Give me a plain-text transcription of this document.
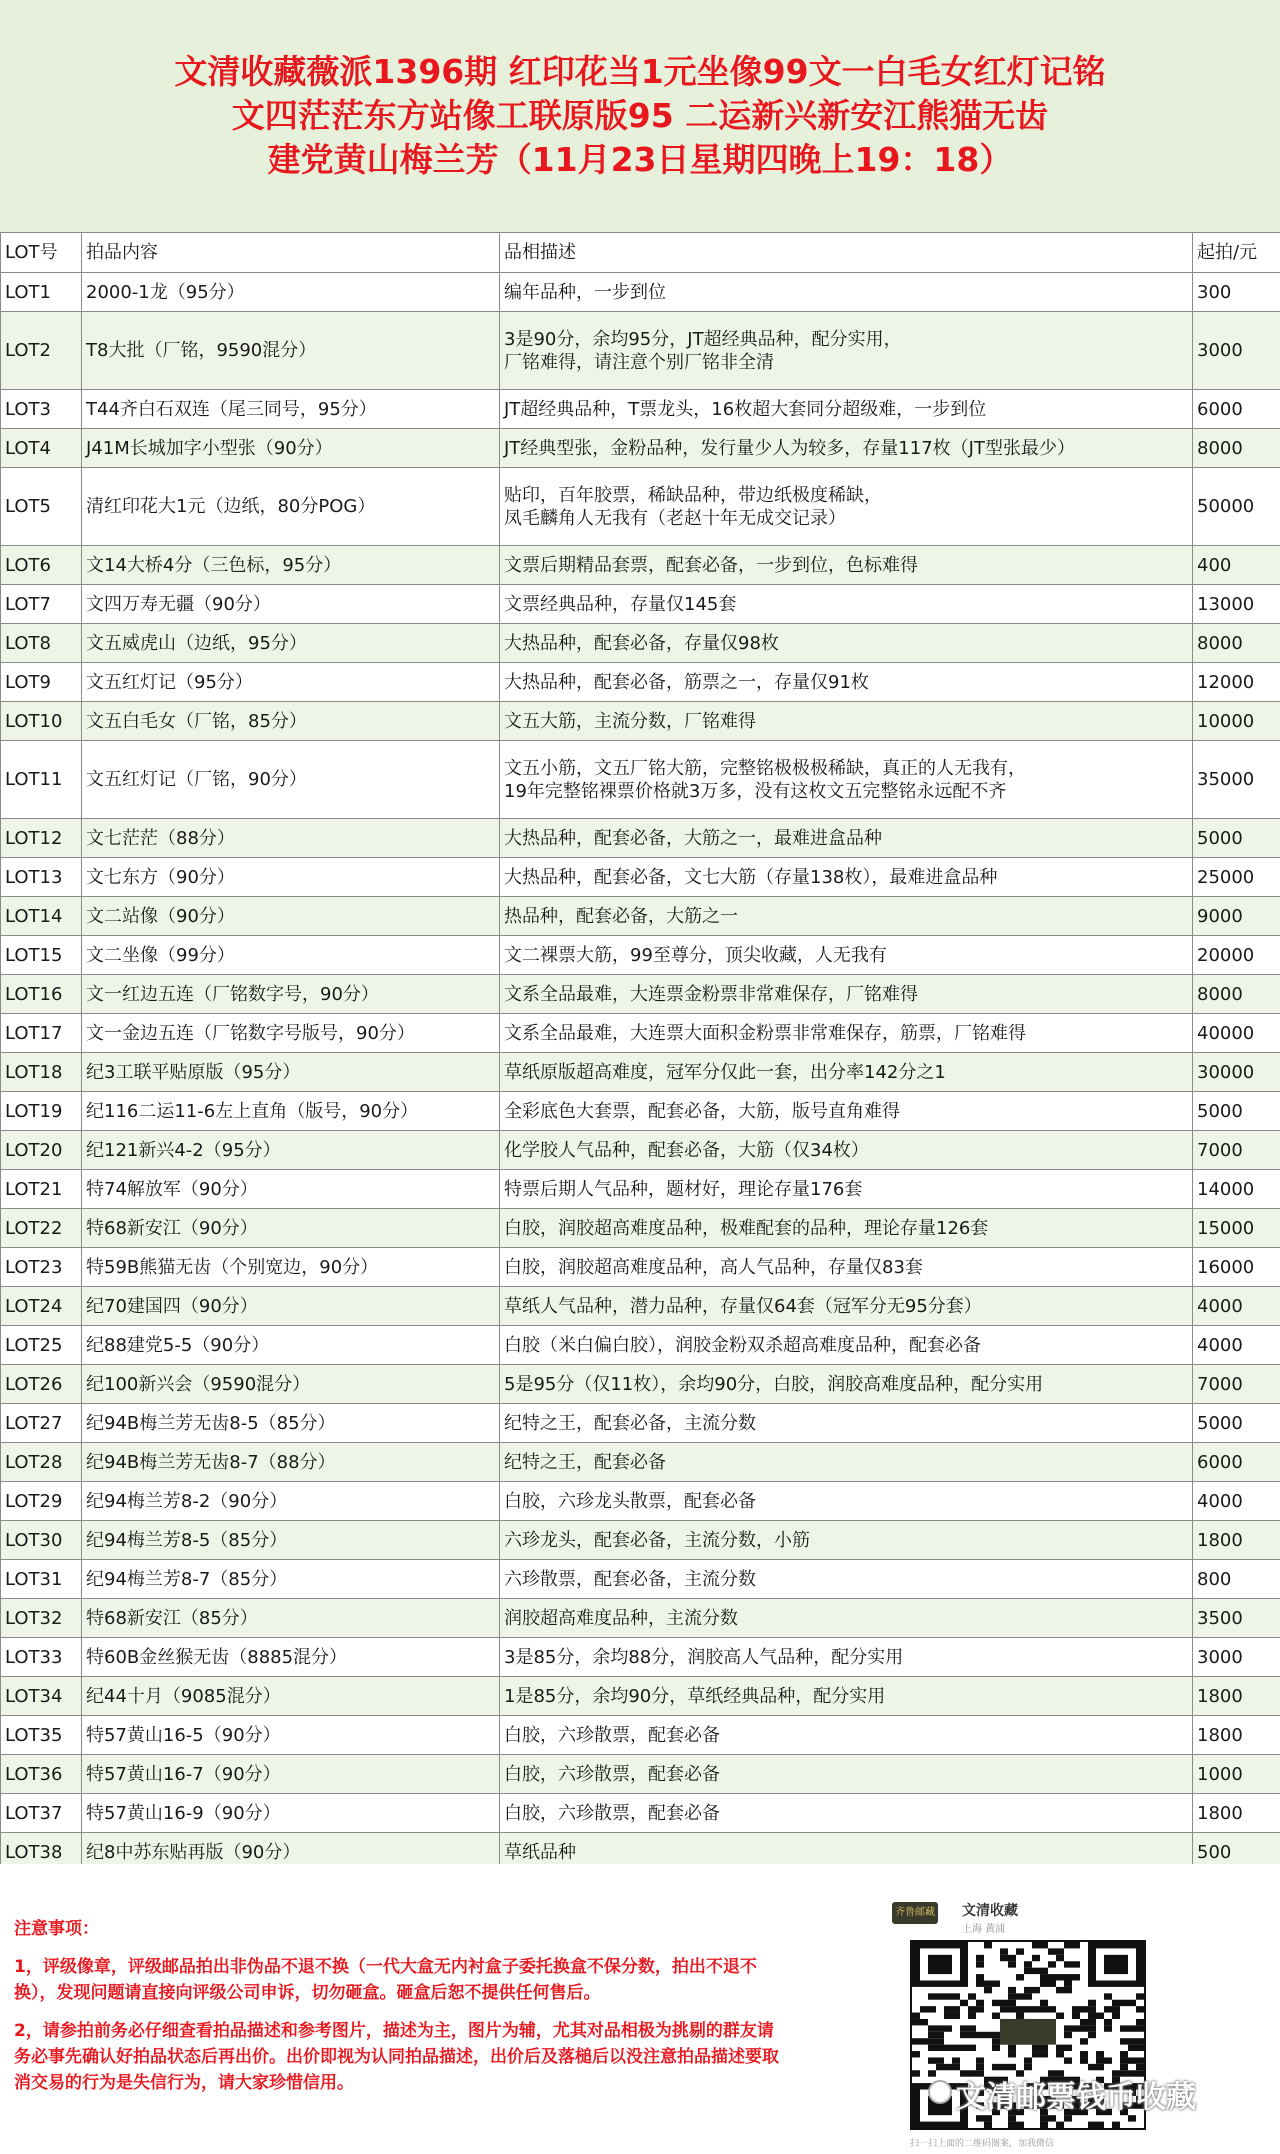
文清收藏薇派1396期 红印花当1元坐像99文一白毛女红灯记铭
文四茫茫东方站像工联原版95 二运新兴新安江熊猫无齿
建党黄山梅兰芳（11月23日星期四晚上19：18）
LOT号	拍品内容	品相描述	起拍/元
LOT1	2000-1龙（95分）	编年品种，一步到位	300
LOT2	T8大批（厂铭，9590混分）	3是90分，余均95分，JT超经典品种，配分实用，
厂铭难得，请注意个别厂铭非全清	3000
LOT3	T44齐白石双连（尾三同号，95分）	JT超经典品种，T票龙头，16枚超大套同分超级难，一步到位	6000
LOT4	J41M长城加字小型张（90分）	JT经典型张，金粉品种，发行量少人为较多，存量117枚（JT型张最少）	8000
LOT5	清红印花大1元（边纸，80分POG）	贴印，百年胶票，稀缺品种，带边纸极度稀缺，
凤毛麟角人无我有（老赵十年无成交记录）	50000
LOT6	文14大桥4分（三色标，95分）	文票后期精品套票，配套必备，一步到位，色标难得	400
LOT7	文四万寿无疆（90分）	文票经典品种，存量仅145套	13000
LOT8	文五威虎山（边纸，95分）	大热品种，配套必备，存量仅98枚	8000
LOT9	文五红灯记（95分）	大热品种，配套必备，筋票之一，存量仅91枚	12000
LOT10	文五白毛女（厂铭，85分）	文五大筋，主流分数，厂铭难得	10000
LOT11	文五红灯记（厂铭，90分）	文五小筋，文五厂铭大筋，完整铭极极极稀缺，真正的人无我有，
19年完整铭裸票价格就3万多，没有这枚文五完整铭永远配不齐	35000
LOT12	文七茫茫（88分）	大热品种，配套必备，大筋之一，最难进盒品种	5000
LOT13	文七东方（90分）	大热品种，配套必备，文七大筋（存量138枚），最难进盒品种	25000
LOT14	文二站像（90分）	热品种，配套必备，大筋之一	9000
LOT15	文二坐像（99分）	文二裸票大筋，99至尊分，顶尖收藏，人无我有	20000
LOT16	文一红边五连（厂铭数字号，90分）	文系全品最难，大连票金粉票非常难保存，厂铭难得	8000
LOT17	文一金边五连（厂铭数字号版号，90分）	文系全品最难，大连票大面积金粉票非常难保存，筋票，厂铭难得	40000
LOT18	纪3工联平贴原版（95分）	草纸原版超高难度，冠军分仅此一套，出分率142分之1	30000
LOT19	纪116二运11-6左上直角（版号，90分）	全彩底色大套票，配套必备，大筋，版号直角难得	5000
LOT20	纪121新兴4-2（95分）	化学胶人气品种，配套必备，大筋（仅34枚）	7000
LOT21	特74解放军（90分）	特票后期人气品种，题材好，理论存量176套	14000
LOT22	特68新安江（90分）	白胶，润胶超高难度品种，极难配套的品种，理论存量126套	15000
LOT23	特59B熊猫无齿（个别宽边，90分）	白胶，润胶超高难度品种，高人气品种，存量仅83套	16000
LOT24	纪70建国四（90分）	草纸人气品种，潜力品种，存量仅64套（冠军分无95分套）	4000
LOT25	纪88建党5-5（90分）	白胶（米白偏白胶），润胶金粉双杀超高难度品种，配套必备	4000
LOT26	纪100新兴会（9590混分）	5是95分（仅11枚），余均90分，白胶，润胶高难度品种，配分实用	7000
LOT27	纪94B梅兰芳无齿8-5（85分）	纪特之王，配套必备，主流分数	5000
LOT28	纪94B梅兰芳无齿8-7（88分）	纪特之王，配套必备	6000
LOT29	纪94梅兰芳8-2（90分）	白胶，六珍龙头散票，配套必备	4000
LOT30	纪94梅兰芳8-5（85分）	六珍龙头，配套必备，主流分数，小筋	1800
LOT31	纪94梅兰芳8-7（85分）	六珍散票，配套必备，主流分数	800
LOT32	特68新安江（85分）	润胶超高难度品种，主流分数	3500
LOT33	特60B金丝猴无齿（8885混分）	3是85分，余均88分，润胶高人气品种，配分实用	3000
LOT34	纪44十月（9085混分）	1是85分，余均90分，草纸经典品种，配分实用	1800
LOT35	特57黄山16-5（90分）	白胶，六珍散票，配套必备	1800
LOT36	特57黄山16-7（90分）	白胶，六珍散票，配套必备	1000
LOT37	特57黄山16-9（90分）	白胶，六珍散票，配套必备	1800
LOT38	纪8中苏东贴再版（90分）	草纸品种	500
注意事项：

1，评级像章，评级邮品拍出非伪品不退不换（一代大盒无内衬盒子委托换盒不保分数，拍出不退不换），发现问题请直接向评级公司申诉，切勿砸盒。砸盒后恕不提供任何售后。

2，请参拍前务必仔细查看拍品描述和参考图片，描述为主，图片为辅，尤其对品相极为挑剔的群友请务必事先确认好拍品状态后再出价。出价即视为认同拍品描述，出价后及落槌后以没注意拍品描述要取消交易的行为是失信行为，请大家珍惜信用。

齐鲁邮藏 文清收藏
上海 黄浦
扫一扫上面的二维码图案，加我微信
文清邮票钱币收藏
